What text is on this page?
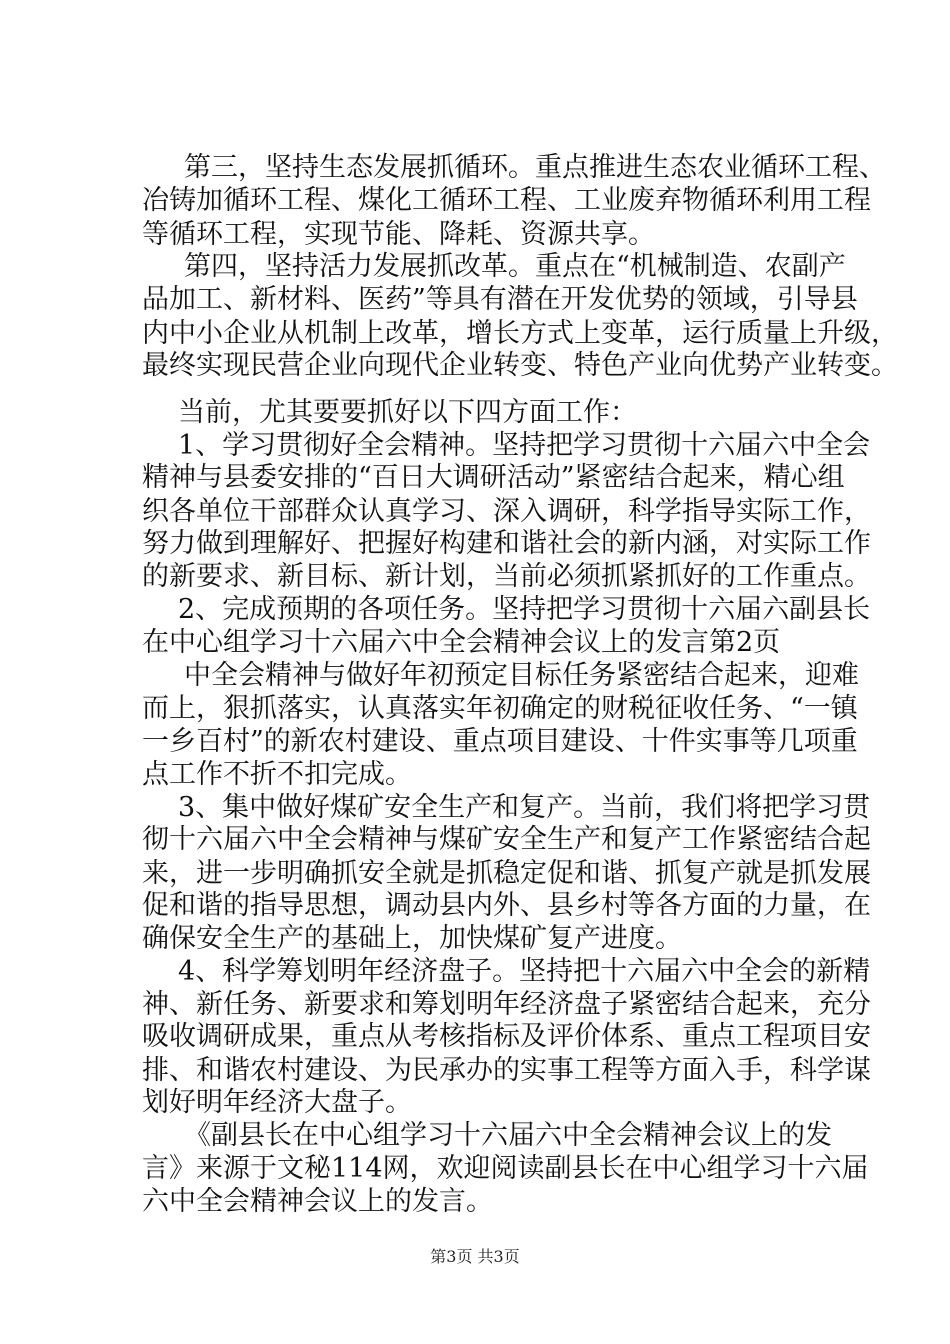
第三，坚持生态发展抓循环。重点推进生态农业循环工程、
冶铸加循环工程、煤化工循环工程、工业废弃物循环利用工程
等循环工程，实现节能、降耗、资源共享。
第四，坚持活力发展抓改革。重点在“机械制造、农副产
品加工、新材料、医药”等具有潜在开发优势的领域，引导县
内中小企业从机制上改革，增长方式上变革，运行质量上升级，
最终实现民营企业向现代企业转变、特色产业向优势产业转变。
当前，尤其要要抓好以下四方面工作：
1、学习贯彻好全会精神。坚持把学习贯彻十六届六中全会
精神与县委安排的“百日大调研活动”紧密结合起来，精心组
织各单位干部群众认真学习、深入调研，科学指导实际工作，
努力做到理解好、把握好构建和谐社会的新内涵，对实际工作
的新要求、新目标、新计划，当前必须抓紧抓好的工作重点。
2、完成预期的各项任务。坚持把学习贯彻十六届六副县长
在中心组学习十六届六中全会精神会议上的发言第2页
中全会精神与做好年初预定目标任务紧密结合起来，迎难
而上，狠抓落实，认真落实年初确定的财税征收任务、“一镇
一乡百村”的新农村建设、重点项目建设、十件实事等几项重
点工作不折不扣完成。
3、集中做好煤矿安全生产和复产。当前，我们将把学习贯
彻十六届六中全会精神与煤矿安全生产和复产工作紧密结合起
来，进一步明确抓安全就是抓稳定促和谐、抓复产就是抓发展
促和谐的指导思想，调动县内外、县乡村等各方面的力量，在
确保安全生产的基础上，加快煤矿复产进度。
4、科学筹划明年经济盘子。坚持把十六届六中全会的新精
神、新任务、新要求和筹划明年经济盘子紧密结合起来，充分
吸收调研成果，重点从考核指标及评价体系、重点工程项目安
排、和谐农村建设、为民承办的实事工程等方面入手，科学谋
划好明年经济大盘子。
《副县长在中心组学习十六届六中全会精神会议上的发
言》来源于文秘114网，欢迎阅读副县长在中心组学习十六届
六中全会精神会议上的发言。
第3页 共3页
